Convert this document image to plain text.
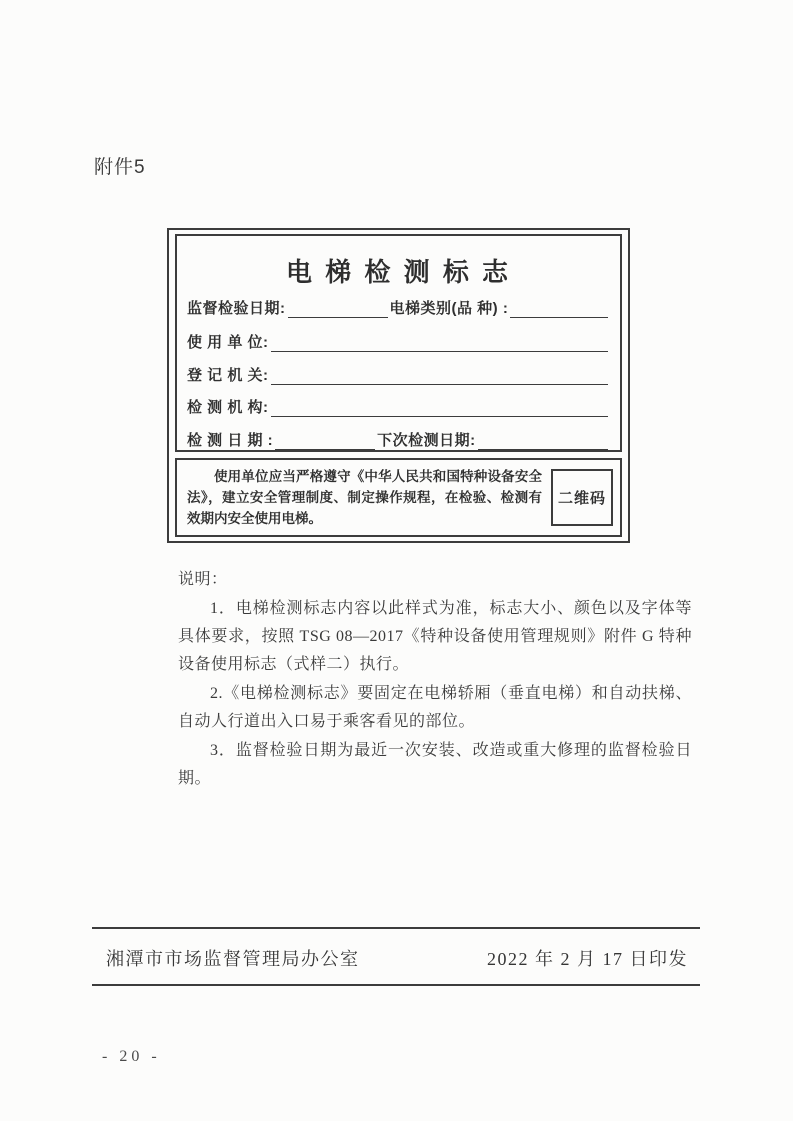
附件5
电 梯 检 测 标 志
监督检验日期:	电梯类别(品 种) :
使 用 单 位:
登 记 机 关:
检 测 机 构:
检 测 日 期 :	下次检测日期:
使用单位应当严格遵守《中华人民共和国特种设备安全法》，建立安全管理制度、制定操作规程，在检验、检测有效期内安全使用电梯。
二维码
说明：

1．电梯检测标志内容以此样式为准，标志大小、颜色以及字体等具体要求，按照 TSG 08—2017《特种设备使用管理规则》附件 G 特种设备使用标志（式样二）执行。

2.《电梯检测标志》要固定在电梯轿厢（垂直电梯）和自动扶梯、自动人行道出入口易于乘客看见的部位。

3．监督检验日期为最近一次安装、改造或重大修理的监督检验日期。

湘潭市市场监督管理局办公室	2022 年 2 月 17 日印发
- 20 -
